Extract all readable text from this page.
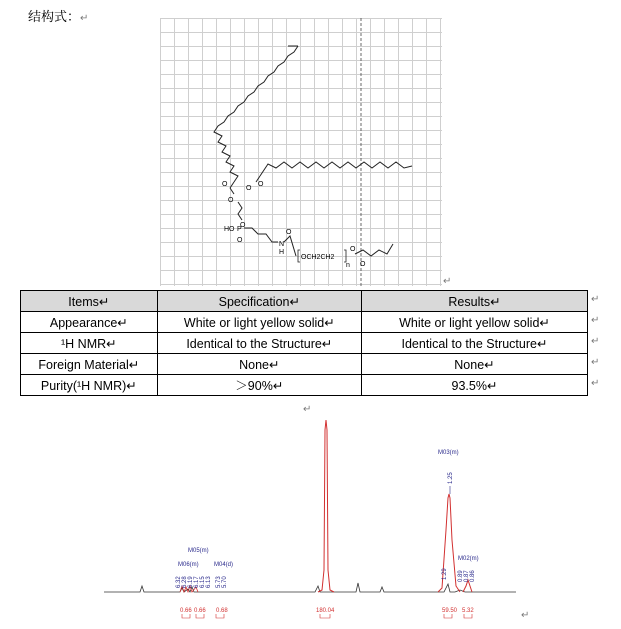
结构式：↵
O
O
O
O
O
HO P
O
N
H
O
OCH2CH2
n
O
O
↵
Items↵	Specification↵	Results↵
Appearance↵	White or light yellow solid↵	White or light yellow solid↵
¹H NMR↵	Identical to the Structure↵	Identical to the Structure↵
Foreign Material↵	None↵	None↵
Purity(¹H NMR)↵	＞90%↵	93.5%↵
↵
↵
↵
↵
↵
↵
M05(m)
M06(m)	M04(d)
6.32 6.28 6.19 6.17 6.15 6.13 5.73 5.70
M03(m)
1.25
1.29
M02(m)
0.89 0.87 0.86
0.66 0.66 0.68	180.04	59.50 5.32	↵
